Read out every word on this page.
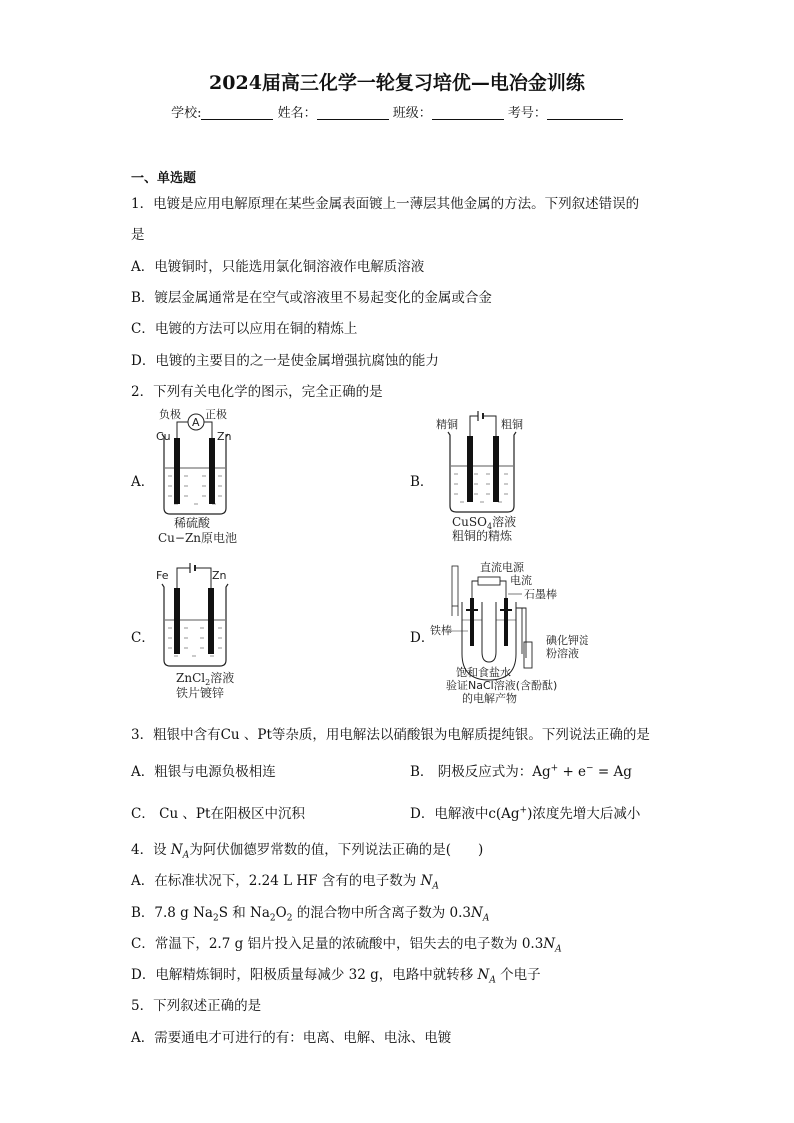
2024届高三化学一轮复习培优—电冶金训练
学校:	姓名：	班级：	考号：
一、单选题
1．电镀是应用电解原理在某些金属表面镀上一薄层其他金属的方法。下列叙述错误的
是
A．电镀铜时，只能选用氯化铜溶液作电解质溶液
B．镀层金属通常是在空气或溶液里不易起变化的金属或合金
C．电镀的方法可以应用在铜的精炼上
D．电镀的主要目的之一是使金属增强抗腐蚀的能力
2．下列有关电化学的图示，完全正确的是
A．
负极 正极
A
Cu	Zn
稀硫酸
Cu−Zn原电池
B．
精铜	粗铜
CuSO$_4$溶液
粗铜的精炼
C．
Fe	Zn
ZnCl$_2$溶液
铁片镀锌
D．
直流电源
电流
石墨棒
铁棒
碘化钾淀
粉溶液
饱和食盐水
验证NaCl溶液(含酚酞)
的电解产物
3．粗银中含有Cu 、Pt等杂质，用电解法以硝酸银为电解质提纯银。下列说法正确的是
A．粗银与电源负极相连	B． 阴极反应式为：Ag+ + e− = Ag
C． Cu 、Pt在阳极区中沉积	D．电解液中c(Ag+)浓度先增大后减小
4．设 $N_A$为阿伏伽德罗常数的值，下列说法正确的是(　　)
A．在标准状况下，2.24 L HF 含有的电子数为 $N_A$
B．7.8 g $Na_2S$ 和 $Na_2O_2$ 的混合物中所含离子数为 $0.3N_A$
C．常温下，2.7 g 铝片投入足量的浓硫酸中，铝失去的电子数为 $0.3N_A$
D．电解精炼铜时，阳极质量每减少 32 g，电路中就转移 $N_A$ 个电子
5．下列叙述正确的是
A．需要通电才可进行的有：电离、电解、电泳、电镀
